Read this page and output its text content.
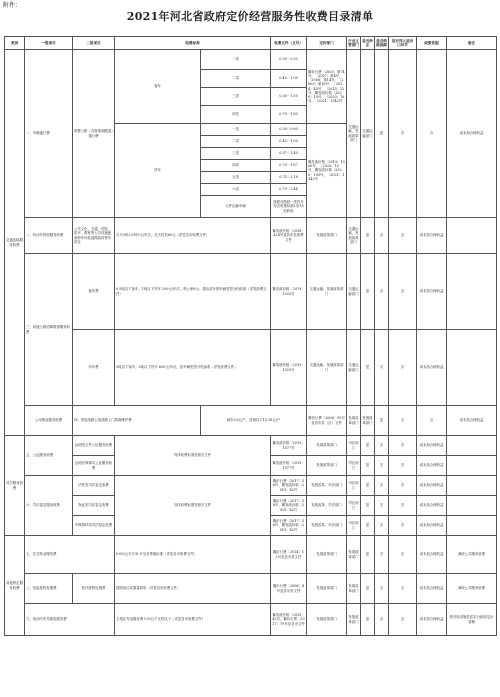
附件：
2021年河北省政府定价经营服务性收费目录清单
类别	一级项目	二级项目	收费标准		收费文件（文号）	定价部门	行业主管部门	是否涉企	是否纳税保障	是否列入进出口环节	政策依据	备注	
交通运输服务收费	一、车辆通行费	收费公路（含桥梁和隧道）通行费	客车	一类	0.30－0.50	冀价行费〔2003〕第74号、〔2007〕第4号、〔2008〕第14号、〔2009〕第16号、〔2014〕45号、〔2015〕12号、冀发改价格〔2020〕10号、〔2020〕76号、〔2021〕1342号	交通运输、发展改革部门	交通运输部门	是	否	否	成本加合理收益	
				二类	0.40－1.00								
				三类	0.50－1.50								
				四类	0.70－1.80								
			货车	一类	0.30－0.60	冀发改价格〔2019〕1900号、〔2020〕10号、冀发改价格〔2020〕100号、〔2021〕1342号							
				二类	0.40－1.00								
				三类	0.57－1.40								
				四类	0.75－1.67								
				五类	0.75－2.18								
				六类	0.79－2.44								
				大件运输车辆	按照各路段一类货车车次收费标准1至15倍收取								
	二、机动车停放服务收费	公共文化、交通、医院、医疗、教育等公共设施配套停车场及道路临时停车泊位	白天0时2小时5元/车次，全天封顶60元（详见各市收费文件）		冀发改价格〔2018〕424号及各市县收费文件	发展改革部门	交通运输、发展改革部门	是	否	否	成本加合理收益		
	三、高速公路清障救援服务收费	拖车费	0.5吨以下客车、1吨以下货车 200元/车次，每公里8元；超出部分按车辆类型分档收取（详见收费文件）		冀发改价格〔2019〕1025号	交通运输、发展改革部门	交通运输部门	是	否	否	成本加合理收益		
		吊车费	5吨以下客车、2吨以下货车 600元/车次，依车辆类型分档加收（详见收费文件）		冀发改价格〔2019〕1025号	交通运输、发展改革部门	交通运输部门	是	否	否	成本加合理收益		
	公用事业服务收费	四、供电线路公电线路上门故障维护费		城市20元/户，县城以下15-18元/户		冀价行费〔2006〕59号及各市县（区）文件	发展改革部门	发展改革部门	是	否	否	成本加合理收益	
司法服务收费	五、公证服务收费	证明类文件公证服务收费	具体收费标准见相关文件		冀发改价格〔2019〕1577号	发展改革部门	司法部门	是	否	否	成本加合理收益		
		证明法律事实公证服务收费			冀发改价格〔2019〕1577号	发展改革部门	司法部门	是	否	否	成本加合理收益		
	六、司法鉴定服务收费	法医类司法鉴定收费	具体收费标准见相关文件		冀价行费〔2017〕38号、冀发改价格〔2019〕42号	发展改革、司法部门	司法部门	是	否	否	成本加合理收益		
		物证类司法鉴定收费			冀价行费〔2017〕38号、冀发改价格〔2019〕42号	发展改革、司法部门	司法部门	是	否	否	成本加合理收益		
		声像资料类司法鉴定收费			冀价行费〔2017〕38号、冀发改价格〔2019〕42号	发展改革、司法部门	司法部门	是	否	否	成本加合理收益		
其他特定服务收费	七、住宅物业服务费		0.05元/平方米·月至各等级标准（详见各市收费文件）		冀价行费〔2014〕12号及各市县文件	发展改革部门	发展改革部门	是	否	否	成本加合理收益	减收公共服务收费	
	八、危险废物处置费	医疗废物处置费	按照床位或重量收取（详见各市收费文件）		冀价行费〔2006〕4号及各市县文件	发展改革部门	发展改革部门	是	否	否	成本加合理收益	减收公共服务收费	
	九、电动汽车充换电服务费		主城区充电服务费 0.8元/千瓦时以下（详见各市收费文件）		冀发改价格〔2015〕42号、冀价行费〔2017〕79号及各市文件	发展改革部门	发展改革部门	是	否	否	成本加合理收益	按充电设施性质实行政府定价管理	
